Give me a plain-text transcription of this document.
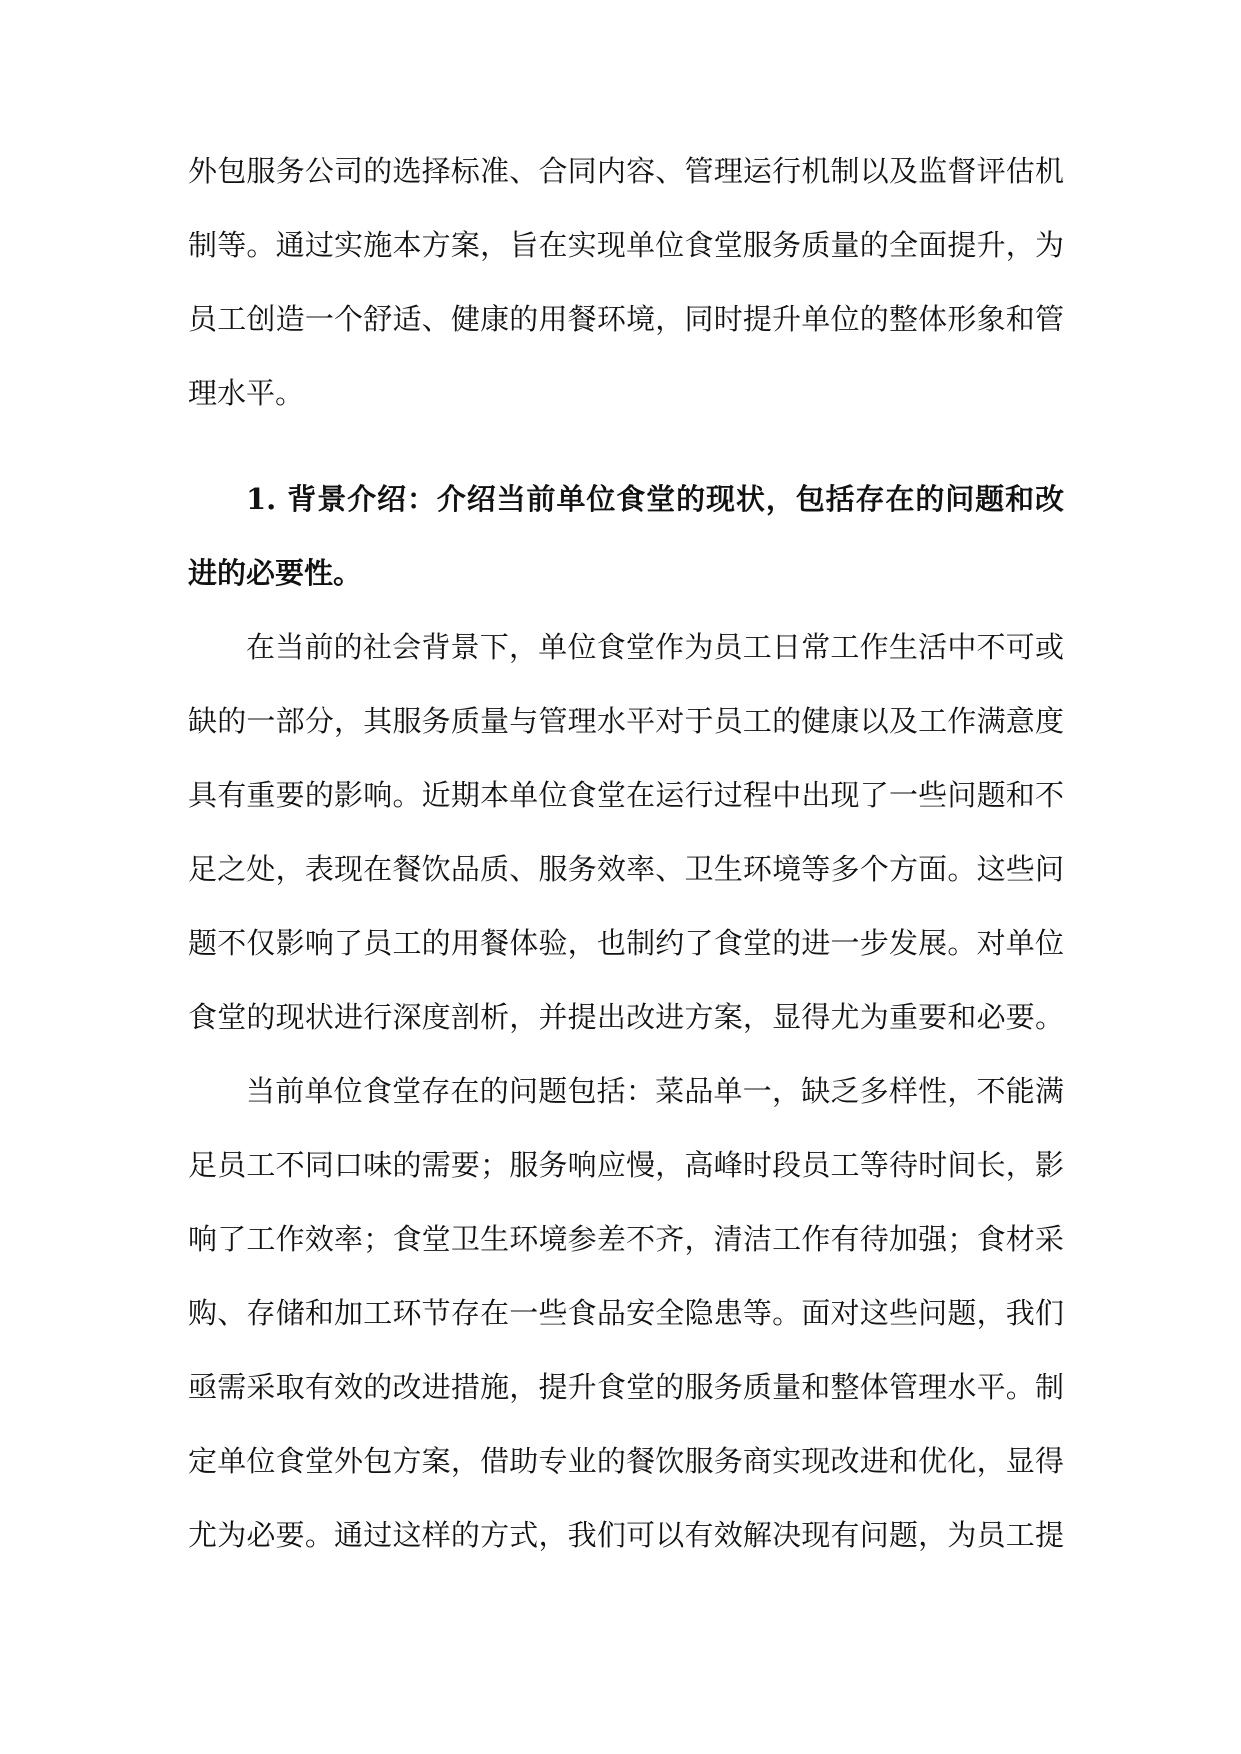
外包服务公司的选择标准、合同内容、管理运行机制以及监督评估机
制等。通过实施本方案，旨在实现单位食堂服务质量的全面提升，为
员工创造一个舒适、健康的用餐环境，同时提升单位的整体形象和管
理水平。
1. 背景介绍：介绍当前单位食堂的现状，包括存在的问题和改
进的必要性。
在当前的社会背景下，单位食堂作为员工日常工作生活中不可或
缺的一部分，其服务质量与管理水平对于员工的健康以及工作满意度
具有重要的影响。近期本单位食堂在运行过程中出现了一些问题和不
足之处，表现在餐饮品质、服务效率、卫生环境等多个方面。这些问
题不仅影响了员工的用餐体验，也制约了食堂的进一步发展。对单位
食堂的现状进行深度剖析，并提出改进方案，显得尤为重要和必要。
当前单位食堂存在的问题包括：菜品单一，缺乏多样性，不能满
足员工不同口味的需要；服务响应慢，高峰时段员工等待时间长，影
响了工作效率；食堂卫生环境参差不齐，清洁工作有待加强；食材采
购、存储和加工环节存在一些食品安全隐患等。面对这些问题，我们
亟需采取有效的改进措施，提升食堂的服务质量和整体管理水平。制
定单位食堂外包方案，借助专业的餐饮服务商实现改进和优化，显得
尤为必要。通过这样的方式，我们可以有效解决现有问题，为员工提
